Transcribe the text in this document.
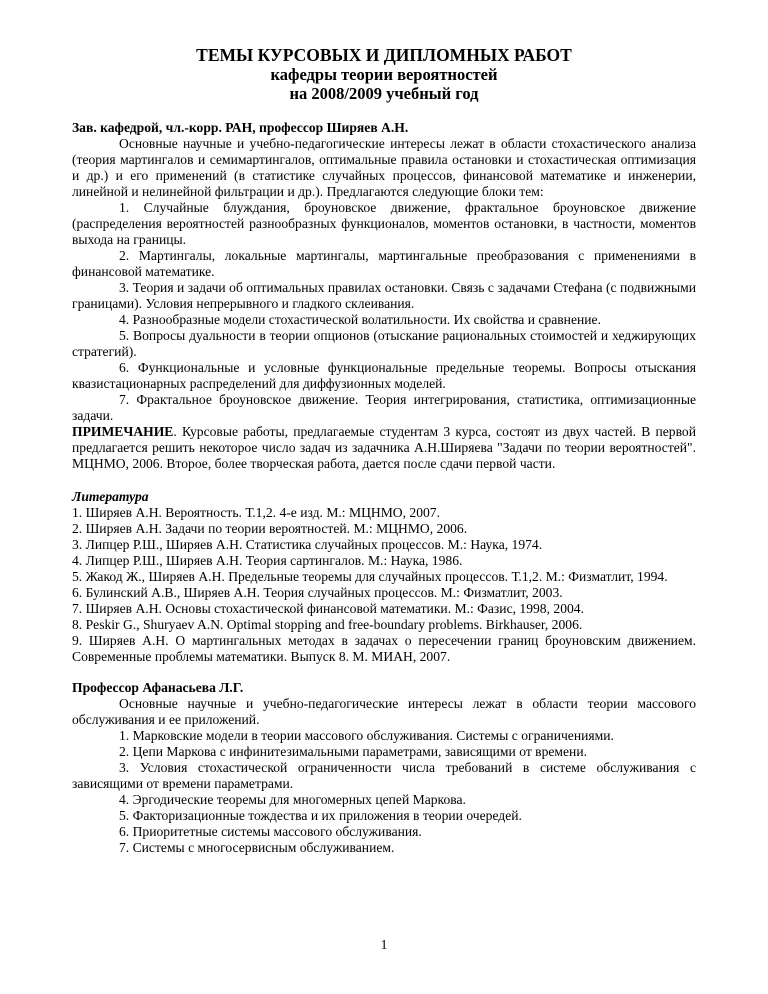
ТЕМЫ КУРСОВЫХ И ДИПЛОМНЫХ РАБОТ
кафедры теории вероятностей
на 2008/2009 учебный год

Зав. кафедрой, чл.-корр. РАН, профессор Ширяев А.Н.

Основные научные и учебно-педагогические интересы лежат в области стохастического анализа (теория мартингалов и семимартингалов, оптимальные правила остановки и стохастическая оптимизация и др.) и его применений (в статистике случайных процессов, финансовой математике и инженерии, линейной и нелинейной фильтрации и др.). Предлагаются следующие блоки тем:

1. Случайные блуждания, броуновское движение, фрактальное броуновское движение (распределения вероятностей разнообразных функционалов, моментов остановки, в частности, моментов выхода на границы.

2. Мартингалы, локальные мартингалы, мартингальные преобразования с применениями в финансовой математике.

3. Теория и задачи об оптимальных правилах остановки. Связь с задачами Стефана (с подвижными границами). Условия непрерывного и гладкого склеивания.

4. Разнообразные модели стохастической волатильности. Их свойства и сравнение.

5. Вопросы дуальности в теории опционов (отыскание рациональных стоимостей и хеджирующих стратегий).

6. Функциональные и условные функциональные предельные теоремы. Вопросы отыскания квазистационарных распределений для диффузионных моделей.

7. Фрактальное броуновское движение. Теория интегрирования, статистика, оптимизационные задачи.

ПРИМЕЧАНИЕ. Курсовые работы, предлагаемые студентам 3 курса, состоят из двух частей. В первой предлагается решить некоторое число задач из задачника А.Н.Ширяева "Задачи по теории вероятностей". МЦНМО, 2006. Второе, более творческая работа, дается после сдачи первой части.

Литература

1. Ширяев А.Н. Вероятность. Т.1,2. 4-е изд. М.: МЦНМО, 2007.

2. Ширяев А.Н. Задачи по теории вероятностей. М.: МЦНМО, 2006.

3. Липцер Р.Ш., Ширяев А.Н. Статистика случайных процессов. М.: Наука, 1974.

4. Липцер Р.Ш., Ширяев А.Н. Теория сартингалов. М.: Наука, 1986.

5. Жакод Ж., Ширяев А.Н. Предельные теоремы для случайных процессов. Т.1,2. М.: Физматлит, 1994.

6. Булинский А.В., Ширяев А.Н. Теория случайных процессов. М.: Физматлит, 2003.

7. Ширяев А.Н. Основы стохастической финансовой математики. М.: Фазис, 1998, 2004.

8. Peskir G., Shuryaev A.N. Optimal stopping and free-boundary problems. Birkhauser, 2006.

9. Ширяев А.Н. О мартингальных методах в задачах о пересечении границ броуновским движением. Современные проблемы математики. Выпуск 8. М. МИАН, 2007.

Профессор Афанасьева Л.Г.

Основные научные и учебно-педагогические интересы лежат в области теории массового обслуживания и ее приложений.

1. Марковские модели в теории массового обслуживания. Системы с ограничениями.

2. Цепи Маркова с инфинитезимальными параметрами, зависящими от времени.

3. Условия стохастической ограниченности числа требований в системе обслуживания с зависящими от времени параметрами.

4. Эргодические теоремы для многомерных цепей Маркова.

5. Факторизационные тождества и их приложения в теории очередей.

6. Приоритетные системы массового обслуживания.

7. Системы с многосервисным обслуживанием.

1
